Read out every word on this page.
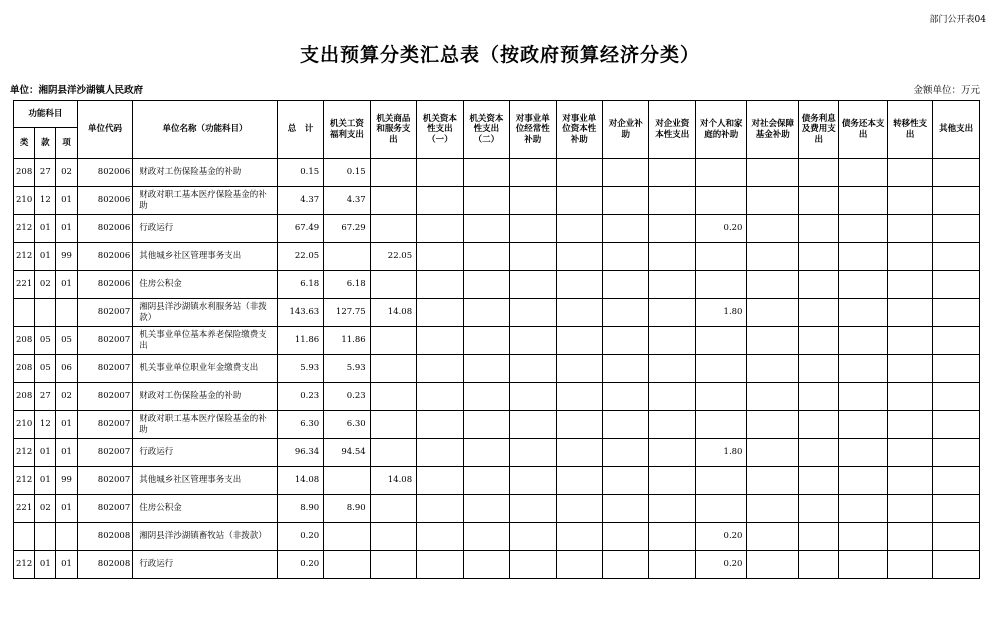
部门公开表04
支出预算分类汇总表（按政府预算经济分类）
单位：湘阴县洋沙湖镇人民政府	金额单位：万元
功能科目			单位代码	单位名称（功能科目）	总　计	机关工资福利支出	机关商品和服务支出	机关资本性支出（一）	机关资本性支出（二）	对事业单位经常性补助	对事业单位资本性补助	对企业补助	对企业资本性支出	对个人和家庭的补助	对社会保障基金补助	债务利息及费用支出	债务还本支出	转移性支出	其他支出
类	款	项																	
208	27	02	802006	财政对工伤保险基金的补助	0.15	0.15													
210	12	01	802006	财政对职工基本医疗保险基金的补助	4.37	4.37													
212	01	01	802006	行政运行	67.49	67.29								0.20					
212	01	99	802006	其他城乡社区管理事务支出	22.05		22.05												
221	02	01	802006	住房公积金	6.18	6.18													
			802007	湘阴县洋沙湖镇水利服务站（非拨款）	143.63	127.75	14.08							1.80					
208	05	05	802007	机关事业单位基本养老保险缴费支出	11.86	11.86													
208	05	06	802007	机关事业单位职业年金缴费支出	5.93	5.93													
208	27	02	802007	财政对工伤保险基金的补助	0.23	0.23													
210	12	01	802007	财政对职工基本医疗保险基金的补助	6.30	6.30													
212	01	01	802007	行政运行	96.34	94.54								1.80					
212	01	99	802007	其他城乡社区管理事务支出	14.08		14.08												
221	02	01	802007	住房公积金	8.90	8.90													
			802008	湘阴县洋沙湖镇畜牧站（非拨款）	0.20									0.20					
212	01	01	802008	行政运行	0.20									0.20					
